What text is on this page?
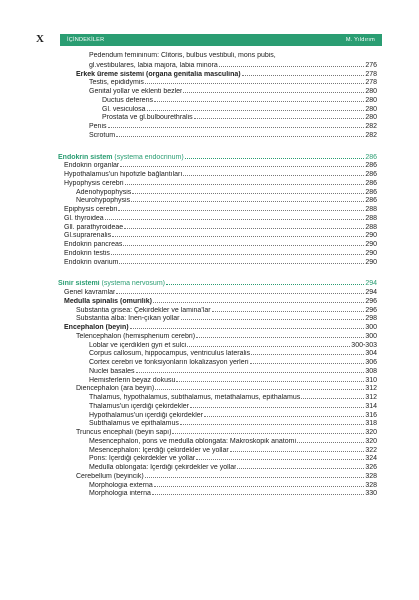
X	İÇİNDEKİLER	M. Yıldırım
Pedendum femininum: Clitoris, bulbus vestibuli, mons pubis,
gl.vestibulares, labia majora, labia minora	276
Erkek üreme sistemi (organa genitalia masculina)	278
Testis, epididymis	278
Genital yollar ve eklenti bezler	280
Ductus deferens	280
Gl. vesiculosa	280
Prostata ve gl.bulbourethralis	280
Penis	282
Scrotum	282
Endokrin sistem (systema endocrinum)	286
Endokrin organlar	286
Hypothalamus’un hipofizle bağlantıları	286
Hypophysis cerebri	286
Adenohypophysis	286
Neurohypophysis	286
Epiphysis cerebri	288
Gl. thyroidea	288
Gll. parathyroideae	288
Gl.suprarenalis	290
Endokrin pancreas	290
Endokrin testis	290
Endokrin ovarium	290
Sinir sistemi (systema nervosum)	294
Genel kavramlar	294
Medulla spinalis (omurilik)	296
Substantia grisea: Çekirdekler ve lamina’lar	296
Substantia alba: İnen-çıkan yollar	298
Encephalon (beyin)	300
Telencephalon (hemispherium cerebri)	300
Loblar ve içerdikleri gyri et sulci	300-303
Corpus callosum, hippocampus, ventriculus lateralis	304
Cortex cerebri ve fonksiyonların lokalizasyon yerleri	306
Nuclei basales	308
Hemisferlerin beyaz dokusu	310
Diencephalon (ara beyin)	312
Thalamus, hypothalamus, subthalamus, metathalamus, epithalamus	312
Thalamus’un içerdiği çekirdekler	314
Hypothalamus’un içerdiği çekirdekler	316
Subthalamus ve epithalamus	318
Truncus encephali (beyin sapı)	320
Mesencephalon, pons ve medulla oblongata: Makroskopik anatomi	320
Mesencephalon: İçerdiği çekirdekler ve yollar	322
Pons: İçerdiği çekirdekler ve yollar	324
Medulla oblongata: İçerdiği çekirdekler ve yollar	326
Cerebellum (beyincik)	328
Morphologia externa	328
Morphologia interna	330
